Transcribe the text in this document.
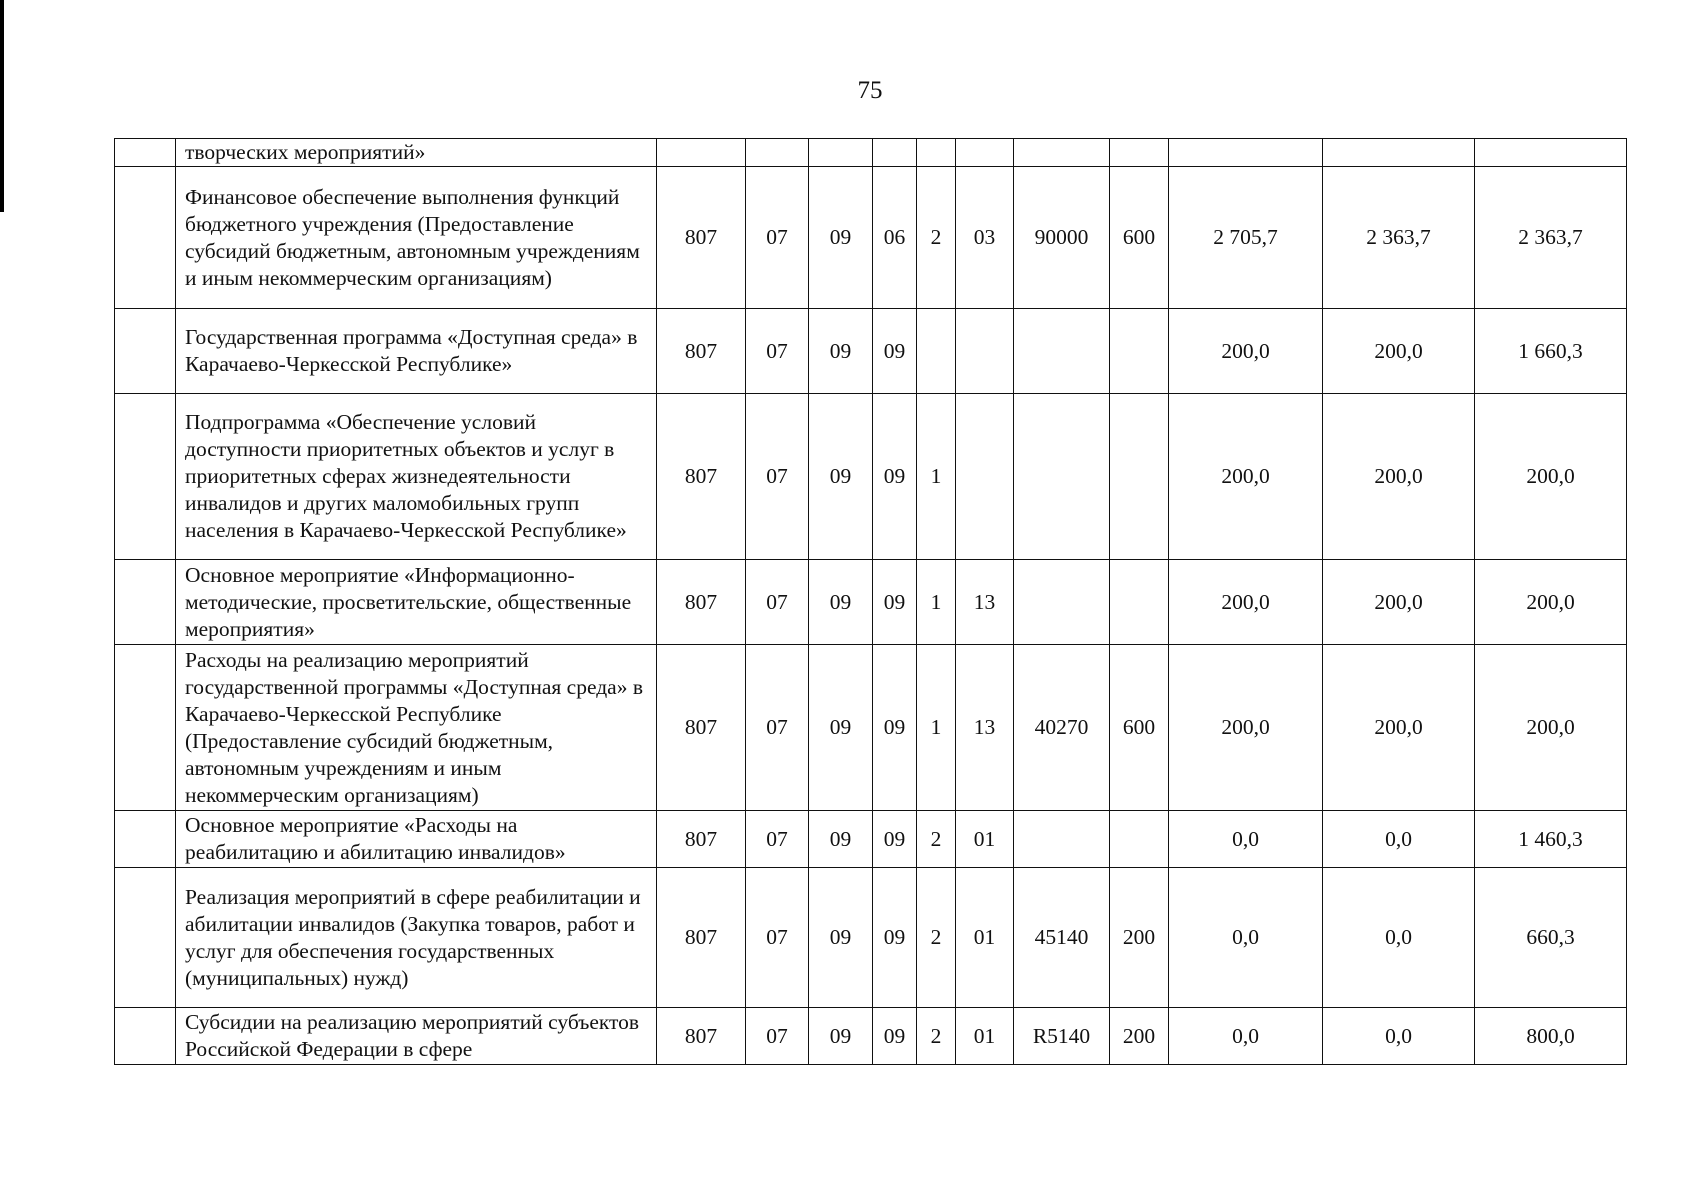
75
	творческих мероприятий»											
	Финансовое обеспечение выполнения функций бюджетного учреждения (Предоставление субсидий бюджетным, автономным учреждениям и иным некоммерческим организациям)	807	07	09	06	2	03	90000	600	2 705,7	2 363,7	2 363,7
	Государственная программа «Доступная среда» в Карачаево-Черкесской Республике»	807	07	09	09					200,0	200,0	1 660,3
	Подпрограмма «Обеспечение условий доступности приоритетных объектов и услуг в приоритетных сферах жизнедеятельности инвалидов и других маломобильных групп населения в Карачаево-Черкесской Республике»	807	07	09	09	1				200,0	200,0	200,0
	Основное мероприятие «Информационно-методические, просветительские, общественные мероприятия»	807	07	09	09	1	13			200,0	200,0	200,0
	Расходы на реализацию мероприятий государственной программы «Доступная среда» в Карачаево-Черкесской Республике (Предоставление субсидий бюджетным, автономным учреждениям и иным некоммерческим организациям)	807	07	09	09	1	13	40270	600	200,0	200,0	200,0
	Основное мероприятие «Расходы на реабилитацию и абилитацию инвалидов»	807	07	09	09	2	01			0,0	0,0	1 460,3
	Реализация мероприятий в сфере реабилитации и абилитации инвалидов (Закупка товаров, работ и услуг для обеспечения государственных (муниципальных) нужд)	807	07	09	09	2	01	45140	200	0,0	0,0	660,3
	Субсидии на реализацию мероприятий субъектов Российской Федерации в сфере	807	07	09	09	2	01	R5140	200	0,0	0,0	800,0
